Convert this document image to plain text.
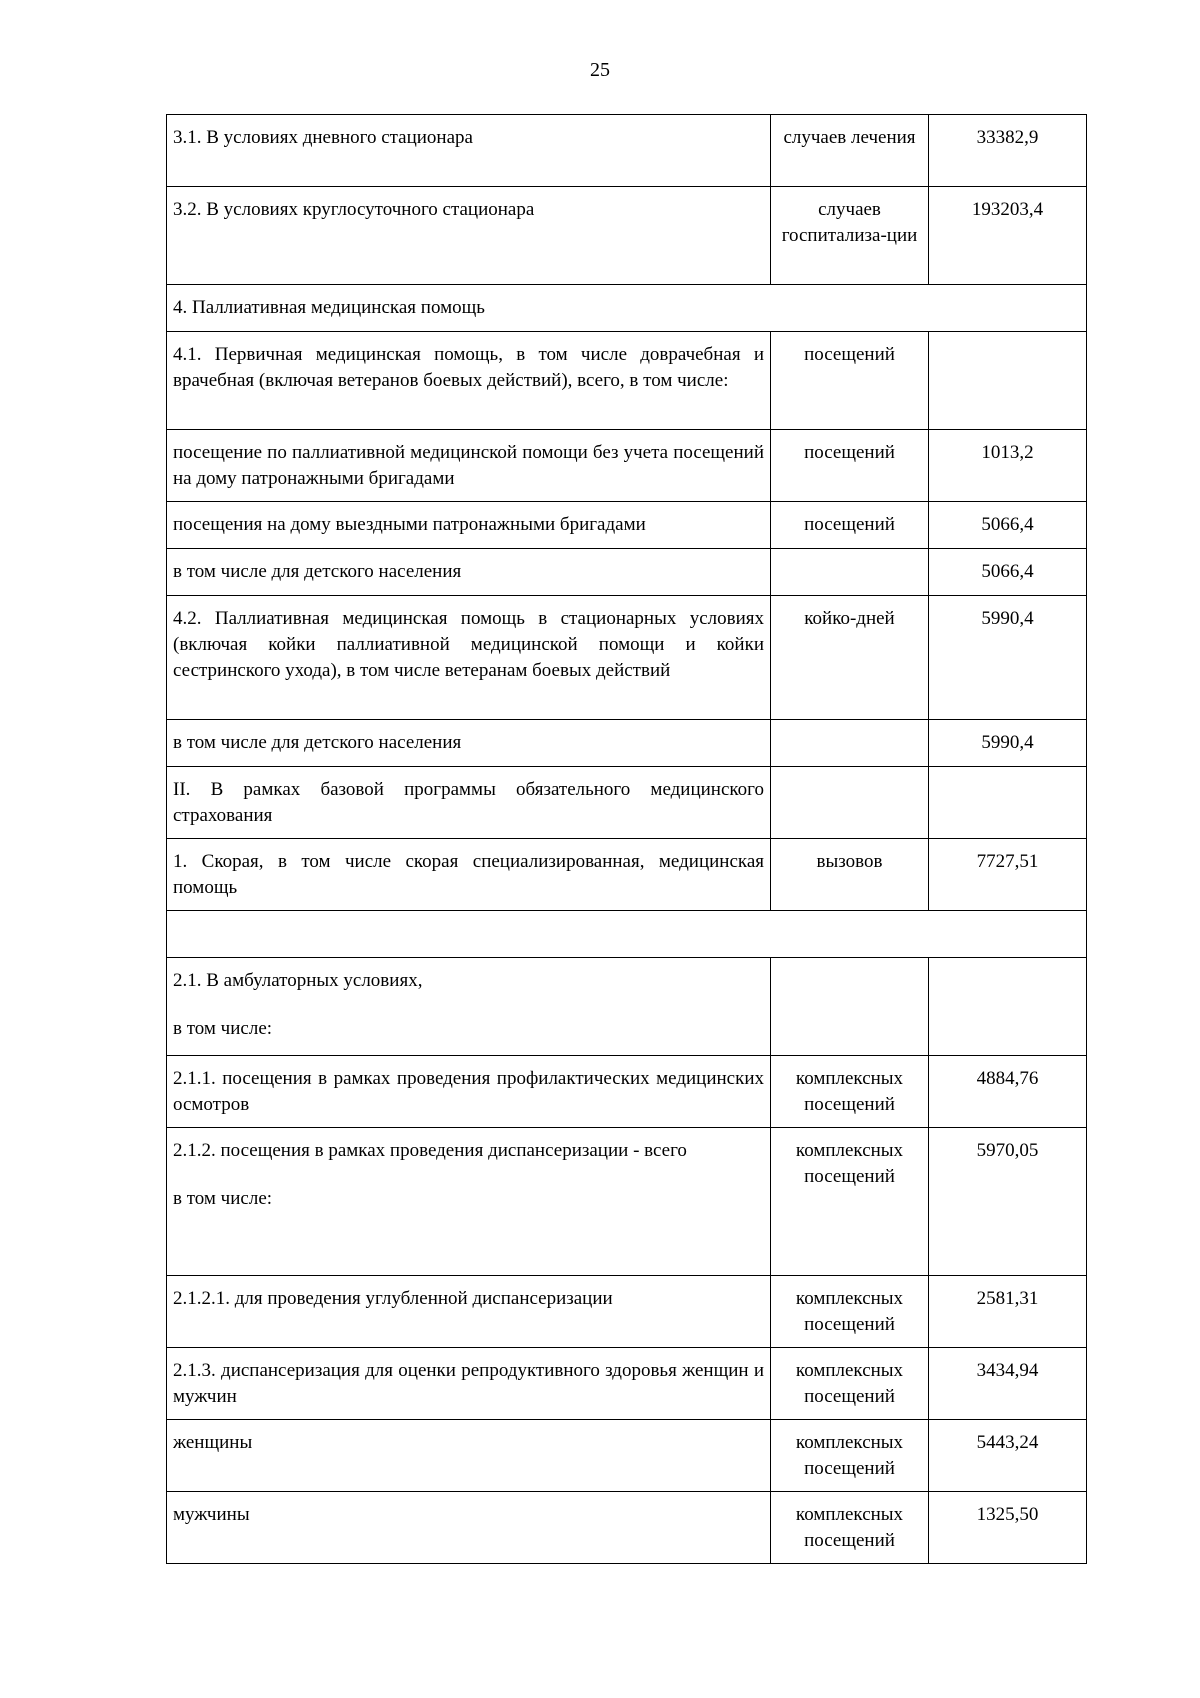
25
3.1. В условиях дневного стационара	случаев лечения	33382,9

3.2. В условиях круглосуточного стационара	случаев госпитализа-ции	193203,4

4. Паллиативная медицинская помощь		

4.1. Первичная медицинская помощь, в том числе доврачебная и врачебная (включая ветеранов боевых действий), всего, в том числе:	посещений	

посещение по паллиативной медицинской помощи без учета посещений на дому патронажными бригадами	посещений	1013,2

посещения на дому выездными патронажными бригадами	посещений	5066,4

в том числе для детского населения		5066,4

4.2. Паллиативная медицинская помощь в стационарных условиях (включая койки паллиативной медицинской помощи и койки сестринского ухода), в том числе ветеранам боевых действий	койко-дней	5990,4

в том числе для детского населения		5990,4

II. В рамках базовой программы обязательного медицинского страхования		

1. Скорая, в том числе скорая специализированная, медицинская помощь	вызовов	7727,51

2.1. В амбулаторных условиях,
в том числе:		

2.1.1. посещения в рамках проведения профилактических медицинских осмотров	комплексных посещений	4884,76

2.1.2. посещения в рамках проведения диспансеризации - всего
в том числе:	комплексных посещений	5970,05

2.1.2.1. для проведения углубленной диспансеризации	комплексных посещений	2581,31

2.1.3. диспансеризация для оценки репродуктивного здоровья женщин и мужчин	комплексных посещений	3434,94

женщины	комплексных посещений	5443,24

мужчины	комплексных посещений	1325,50
